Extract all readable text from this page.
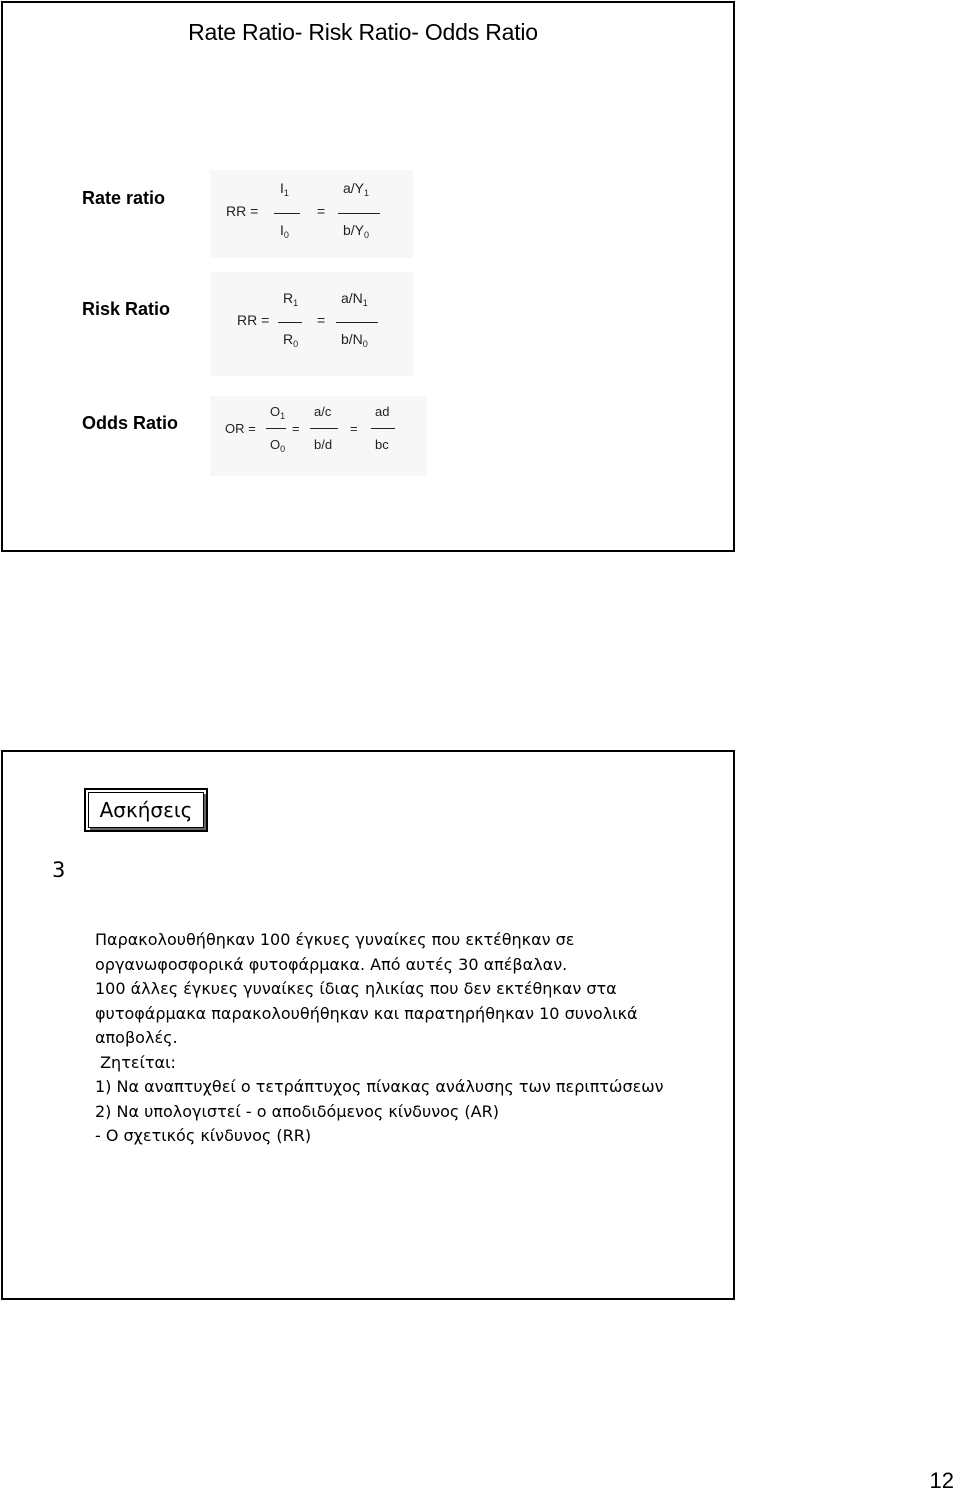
Rate Ratio- Risk Ratio- Odds Ratio
Rate ratio
RR =
$I_1$
$I_0$
=
$a/Y_1$
$b/Y_0$
Risk Ratio
RR =
$R_1$
$R_0$
=
$a/N_1$
$b/N_0$
Odds Ratio	OR =
$O_1$
$O_0$
=
a/c
b/d
=
ad
bc
Ασκήσεις
3
Παρακολουθήθηκαν 100 έγκυες γυναίκες που εκτέθηκαν σε
οργανωφοσφορικά φυτοφάρμακα. Από αυτές 30 απέβαλαν.
100 άλλες έγκυες γυναίκες ίδιας ηλικίας που δεν εκτέθηκαν στα
φυτοφάρμακα παρακολουθήθηκαν και παρατηρήθηκαν 10 συνολικά
αποβολές.
Ζητείται:
1) Να αναπτυχθεί ο τετράπτυχος πίνακας ανάλυσης των περιπτώσεων
2) Να υπολογιστεί - ο αποδιδόμενος κίνδυνος (AR)
- Ο σχετικός κίνδυνος (RR)
12
